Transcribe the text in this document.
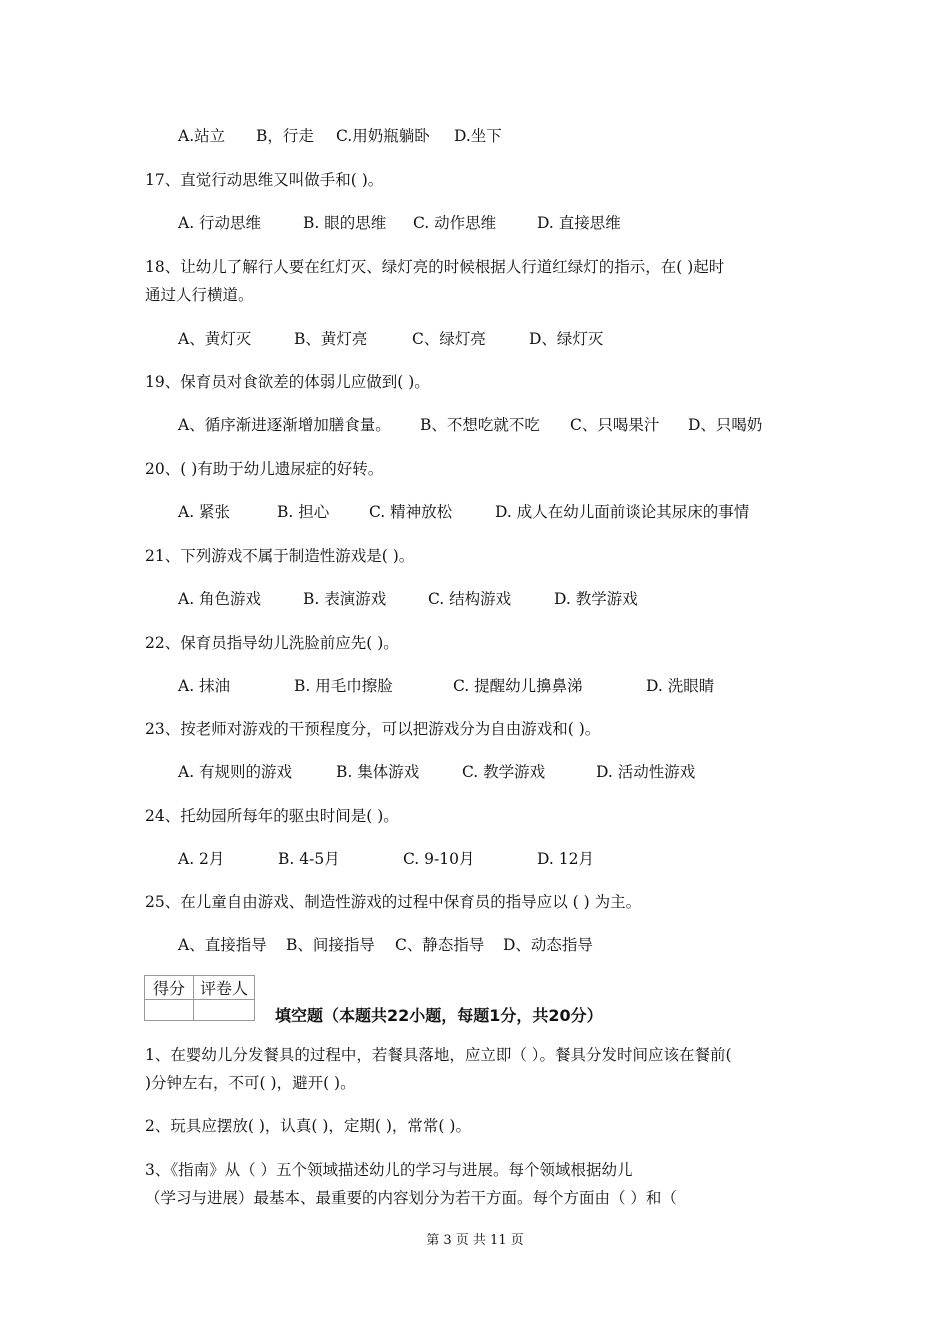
A.站立 B，行走 C.用奶瓶躺卧 D.坐下
17、直觉行动思维又叫做手和( )。
A. 行动思维	B. 眼的思维 C. 动作思维	D. 直接思维
18、让幼儿了解行人要在红灯灭、绿灯亮的时候根据人行道红绿灯的指示，在( )起时
通过人行横道。
A、黄灯灭	B、黄灯亮	C、绿灯亮	D、绿灯灭
19、保育员对食欲差的体弱儿应做到( )。
A、循序渐进逐渐增加膳食量。 B、不想吃就不吃 C、只喝果汁 D、只喝奶
20、( )有助于幼儿遗尿症的好转。
A. 紧张	B. 担心	C. 精神放松	D. 成人在幼儿面前谈论其尿床的事情
21、下列游戏不属于制造性游戏是( )。
A. 角色游戏	B. 表演游戏	C. 结构游戏	D. 教学游戏
22、保育员指导幼儿洗脸前应先( )。
A. 抹油	B. 用毛巾擦脸	C. 提醒幼儿擤鼻涕	D. 洗眼睛
23、按老师对游戏的干预程度分，可以把游戏分为自由游戏和( )。
A. 有规则的游戏	B. 集体游戏	C. 教学游戏	D. 活动性游戏
24、托幼园所每年的驱虫时间是( )。
A. 2月	B. 4-5月	C. 9-10月	D. 12月
25、在儿童自由游戏、制造性游戏的过程中保育员的指导应以 ( ) 为主。
A、直接指导 B、间接指导 C、静态指导 D、动态指导
得分	评卷人

填空题（本题共22小题，每题1分，共20分）
1、在婴幼儿分发餐具的过程中，若餐具落地，应立即（ ）。餐具分发时间应该在餐前(
)分钟左右，不可( )，避开( )。
2、玩具应摆放( )，认真( )，定期( )，常常( )。
3、《指南》从（ ）五个领域描述幼儿的学习与进展。每个领域根据幼儿
（学习与进展）最基本、最重要的内容划分为若干方面。每个方面由（ ）和（
第 3 页 共 11 页
